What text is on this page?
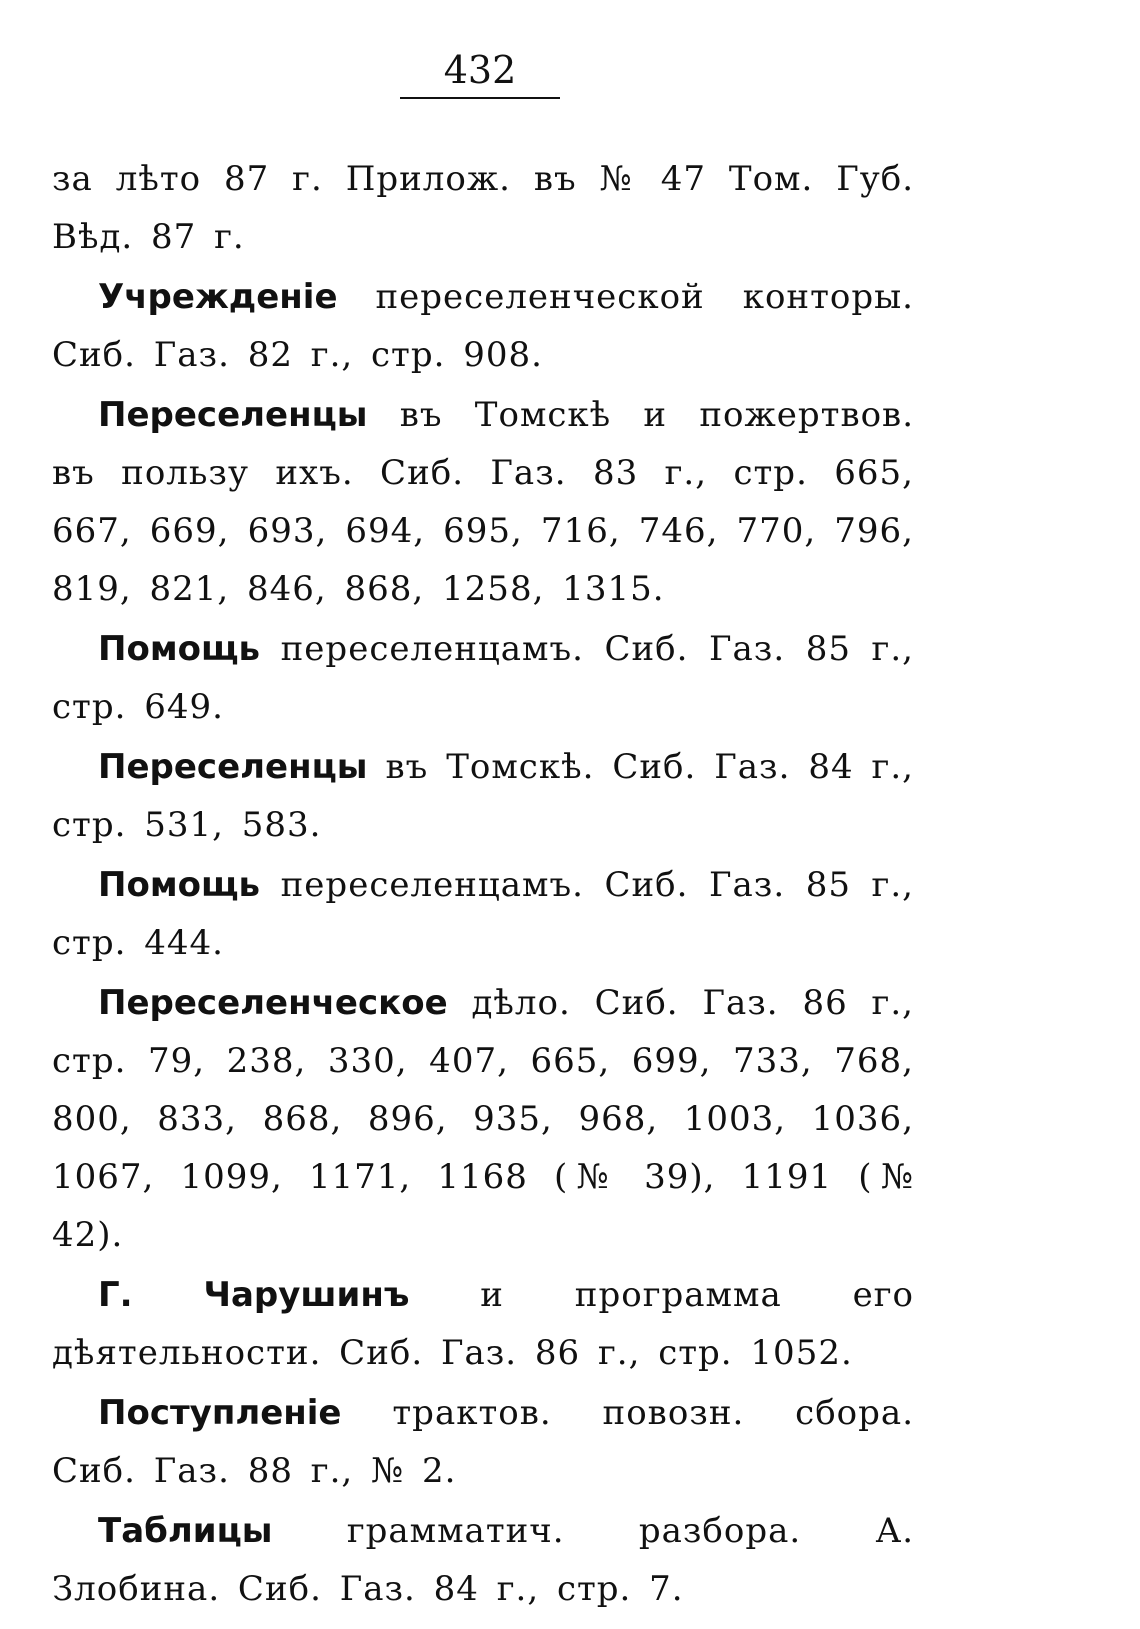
432

за лѣто 87 г. Прилож. въ № 47 Том. Губ. Вѣд. 87 г.

Учрежденіе переселенческой конторы. Сиб. Газ. 82 г., стр. 908.

Переселенцы въ Томскѣ и пожертвов. въ пользу ихъ. Сиб. Газ. 83 г., стр. 665, 667, 669, 693, 694, 695, 716, 746, 770, 796, 819, 821, 846, 868, 1258, 1315.

Помощь переселенцамъ. Сиб. Газ. 85 г., стр. 649.

Переселенцы въ Томскѣ. Сиб. Газ. 84 г., стр. 531, 583.

Помощь переселенцамъ. Сиб. Газ. 85 г., стр. 444.

Переселенческое дѣло. Сиб. Газ. 86 г., стр. 79, 238, 330, 407, 665, 699, 733, 768, 800, 833, 868, 896, 935, 968, 1003, 1036, 1067, 1099, 1171, 1168 (№ 39), 1191 (№ 42).

Г. Чарушинъ и программа его дѣятельности. Сиб. Газ. 86 г., стр. 1052.

Поступленіе трактов. повозн. сбора. Сиб. Газ. 88 г., № 2.

Таблицы грамматич. разбора. А. Злобина. Сиб. Газ. 84 г., стр. 7.
